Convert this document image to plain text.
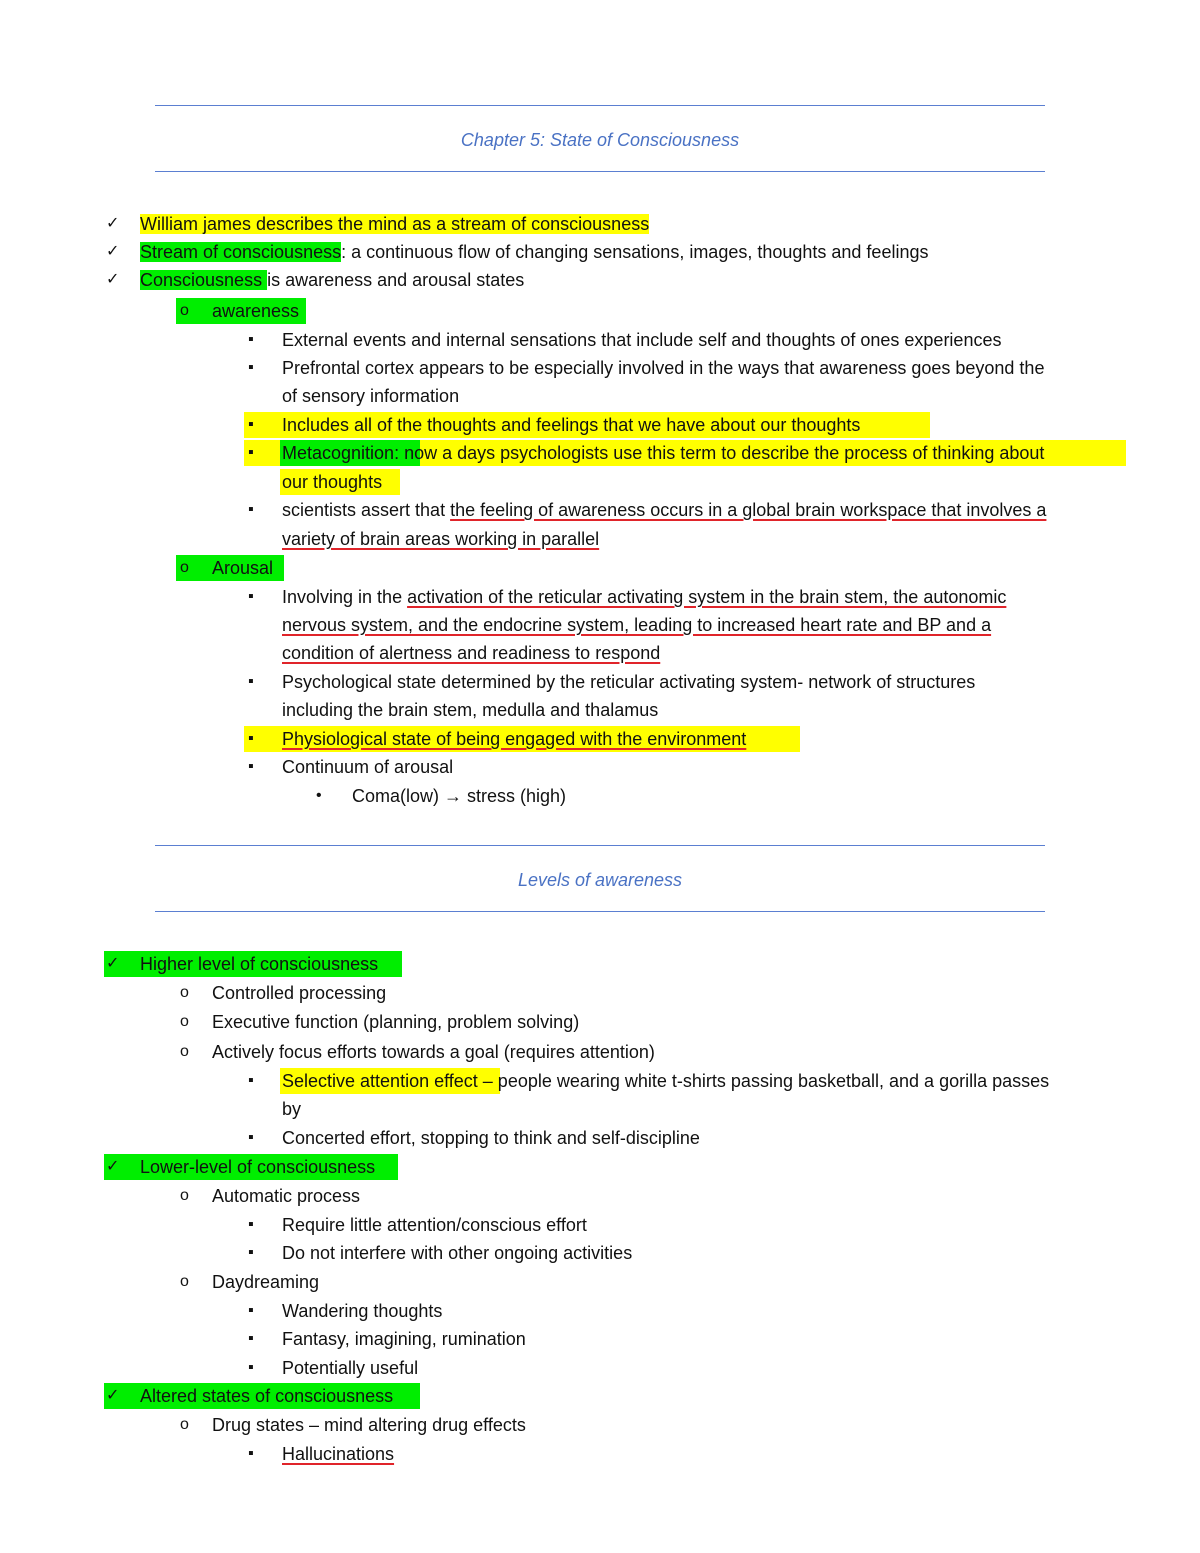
Chapter 5: State of Consciousness
✓ William james describes the mind as a stream of consciousness
✓ Stream of consciousness: a continuous flow of changing sensations, images, thoughts and feelings
✓ Consciousness is awareness and arousal states
o awareness
▪ External events and internal sensations that include self and thoughts of ones experiences
▪ Prefrontal cortex appears to be especially involved in the ways that awareness goes beyond the
of sensory information
▪ Includes all of the thoughts and feelings that we have about our thoughts
▪ Metacognition: now a days psychologists use this term to describe the process of thinking about
our thoughts
▪ scientists assert that the feeling of awareness occurs in a global brain workspace that involves a
variety of brain areas working in parallel
o Arousal
▪ Involving in the activation of the reticular activating system in the brain stem, the autonomic
nervous system, and the endocrine system, leading to increased heart rate and BP and a
condition of alertness and readiness to respond
▪ Psychological state determined by the reticular activating system- network of structures
including the brain stem, medulla and thalamus
▪ Physiological state of being engaged with the environment
▪ Continuum of arousal
• Coma(low) → stress (high)
Levels of awareness
✓ Higher level of consciousness
o Controlled processing
o Executive function (planning, problem solving)
o Actively focus efforts towards a goal (requires attention)
▪ Selective attention effect – people wearing white t-shirts passing basketball, and a gorilla passes
by
▪ Concerted effort, stopping to think and self-discipline
✓ Lower-level of consciousness
o Automatic process
▪ Require little attention/conscious effort
▪ Do not interfere with other ongoing activities
o Daydreaming
▪ Wandering thoughts
▪ Fantasy, imagining, rumination
▪ Potentially useful
✓ Altered states of consciousness
o Drug states – mind altering drug effects
▪ Hallucinations
